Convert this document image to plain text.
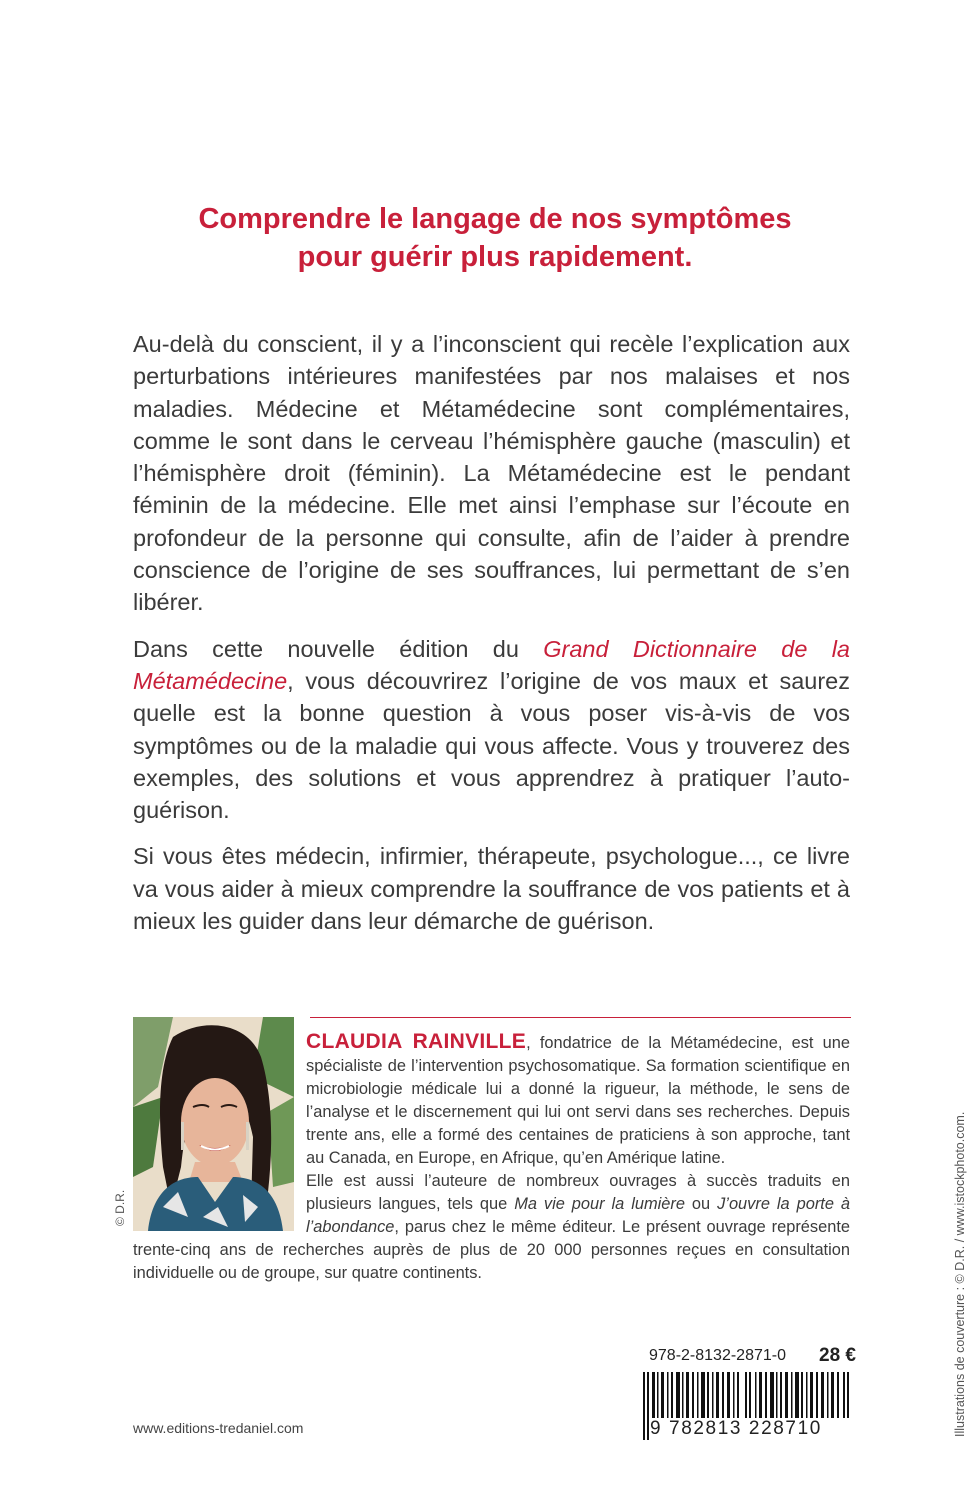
Comprendre le langage de nos symptômes
pour guérir plus rapidement.

Au-delà du conscient, il y a l’inconscient qui recèle l’explication aux perturbations intérieures manifestées par nos malaises et nos maladies. Médecine et Métamédecine sont complémentaires, comme le sont dans le cerveau l’hémisphère gauche (masculin) et l’hémisphère droit (féminin). La Métamédecine est le pendant féminin de la médecine. Elle met ainsi l’emphase sur l’écoute en profondeur de la personne qui consulte, afin de l’aider à prendre conscience de l’origine de ses souffrances, lui permettant de s’en libérer.

Dans cette nouvelle édition du Grand Dictionnaire de la Métamédecine, vous découvrirez l’origine de vos maux et saurez quelle est la bonne question à vous poser vis-à-vis de vos symptômes ou de la maladie qui vous affecte. Vous y trouverez des exemples, des solutions et vous apprendrez à pratiquer l’auto-guérison.

Si vous êtes médecin, infirmier, thérapeute, psychologue..., ce livre va vous aider à mieux comprendre la souffrance de vos patients et à mieux les guider dans leur démarche de guérison.

© D.R.

CLAUDIA RAINVILLE, fondatrice de la Métamédecine, est une spécialiste de l’intervention psychosomatique. Sa formation scientifique en microbiologie médicale lui a donné la rigueur, la méthode, le sens de l’analyse et le discernement qui lui ont servi dans ses recherches. Depuis trente ans, elle a formé des centaines de praticiens à son approche, tant au Canada, en Europe, en Afrique, qu’en Amérique latine.

Elle est aussi l’auteure de nombreux ouvrages à succès traduits en plusieurs langues, tels que Ma vie pour la lumière ou J’ouvre la porte à l’abondance, parus chez le même éditeur. Le présent ouvrage représente trente-cinq ans de recherches auprès de plus de 20 000 personnes reçues en consultation individuelle ou de groupe, sur quatre continents.	Illustrations de couverture : © D.R. / www.istockphoto.com.
978-2-8132-2871-0 28 €
9 782813 228710
www.editions-tredaniel.com
